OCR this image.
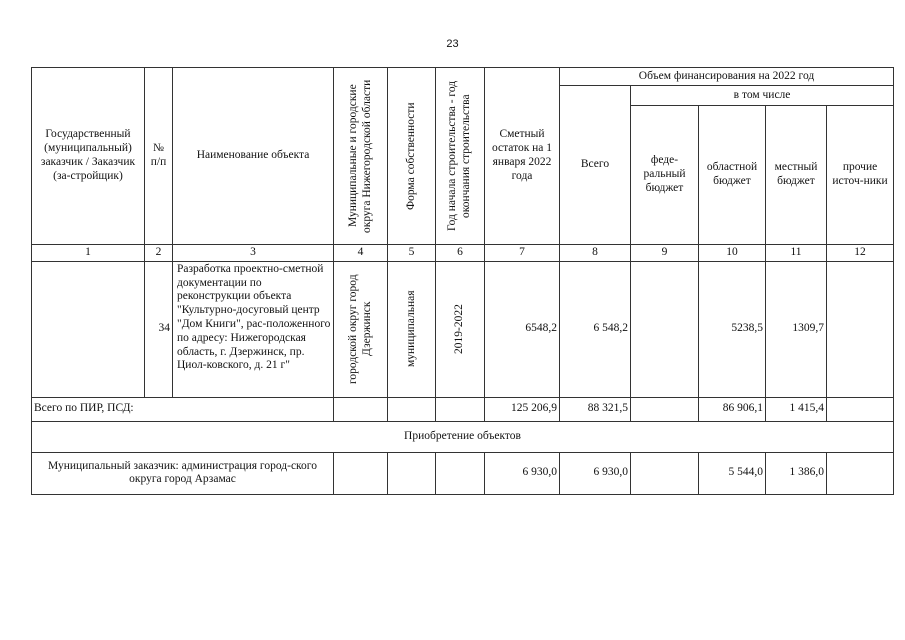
23
Государственный (муниципальный) заказчик / Заказчик (за-стройщик)	№ п/п	Наименование объекта	Муниципальные и городские округа Нижегородской области	Форма собственности	Год начала строительства - год окончания строительства	Сметный остаток на 1 января 2022 года	Объем финансирования на 2022 год				
							Всего	в том числе			
								феде-ральный бюджет	областной бюджет	местный бюджет	прочие источ-ники
1	2	3	4	5	6	7	8	9	10	11	12
	34	Разработка проектно-сметной документации по реконструкции объекта "Культурно-досуговый центр "Дом Книги", рас-положенного по адресу: Нижегородская область, г. Дзержинск, пр. Циол-ковского, д. 21 г"	городской округ город Дзержинск	муниципальная	2019-2022	6548,2	6 548,2		5238,5	1309,7	
Всего по ПИР, ПСД:						125 206,9	88 321,5		86 906,1	1 415,4	
Приобретение объектов											
Муниципальный заказчик: администрация город-ского округа город Арзамас						6 930,0	6 930,0		5 544,0	1 386,0	
